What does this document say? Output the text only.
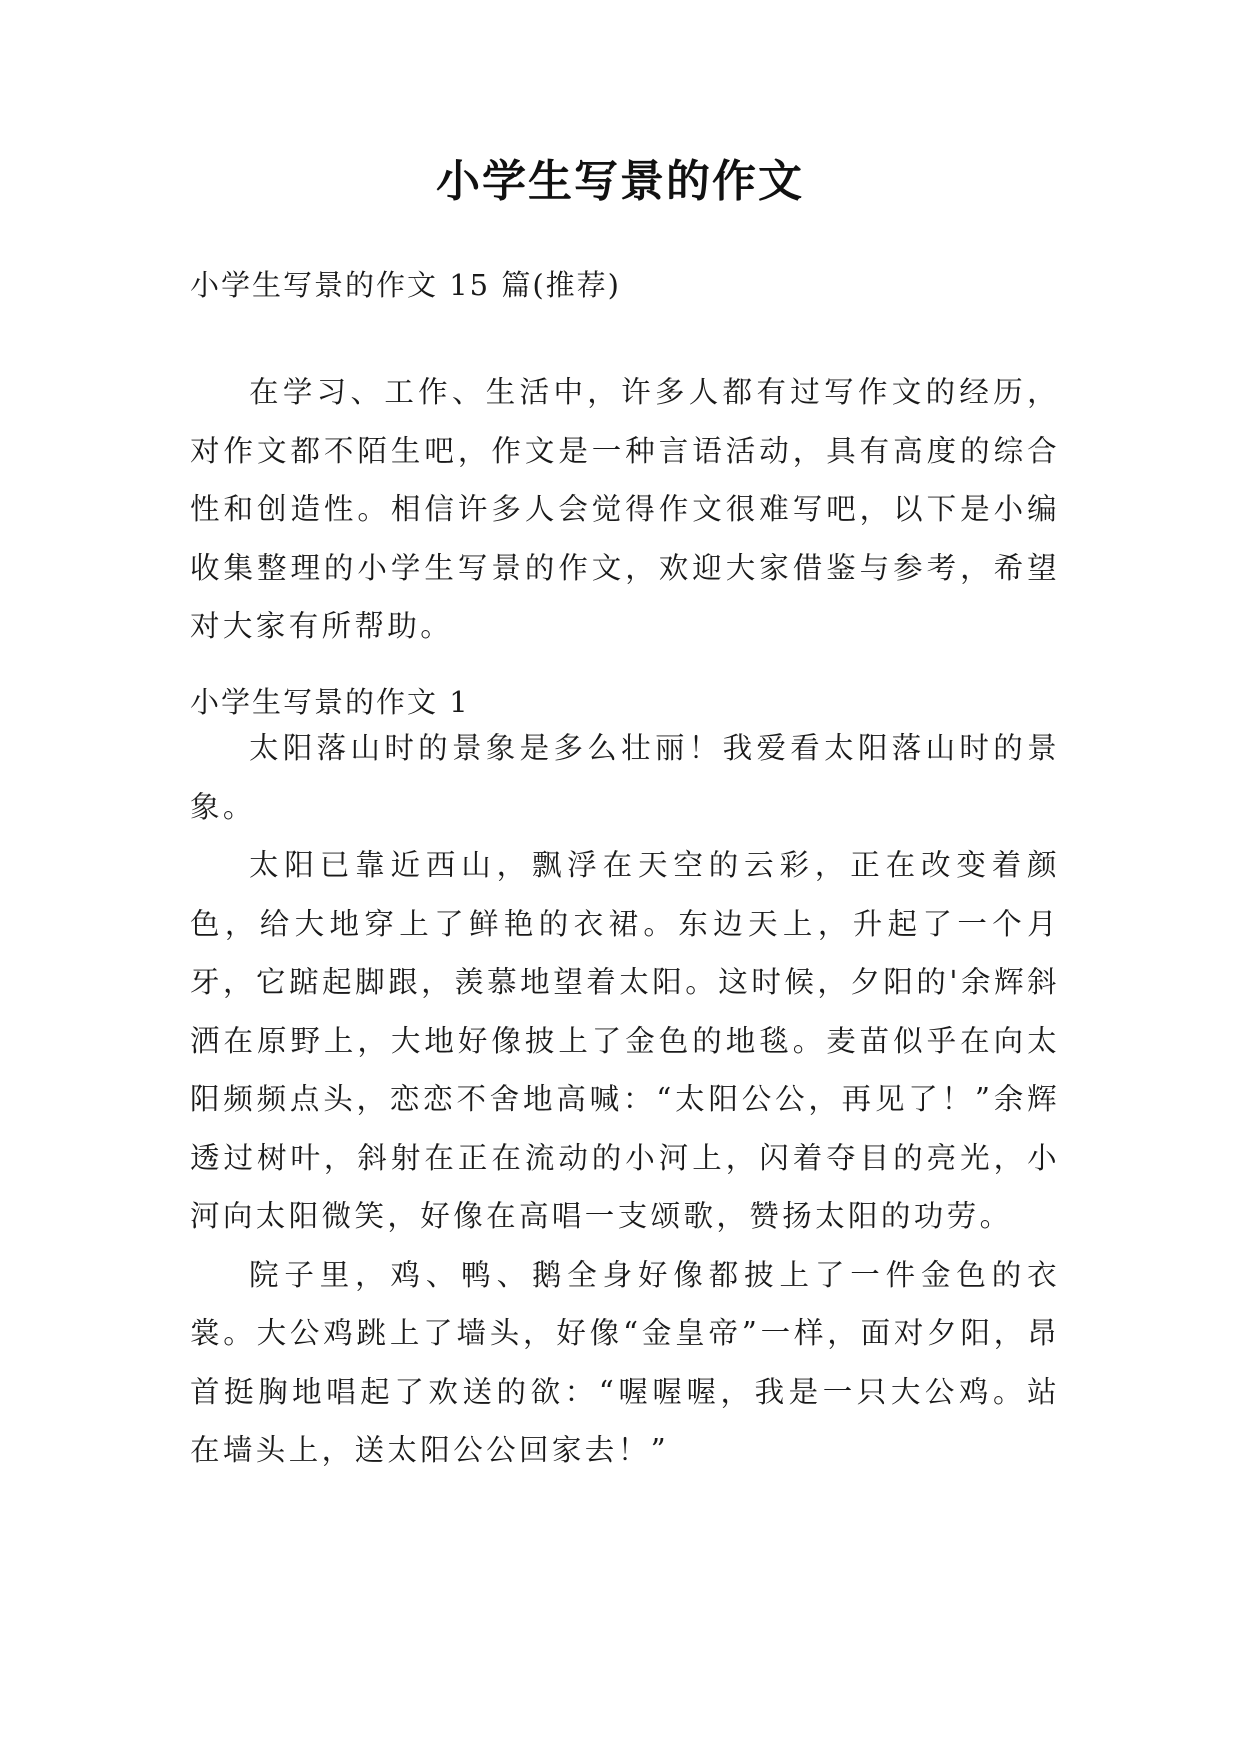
小学生写景的作文
小学生写景的作文 15 篇(推荐)

在学习、工作、生活中，许多人都有过写作文的经历，对作文都不陌生吧，作文是一种言语活动，具有高度的综合性和创造性。相信许多人会觉得作文很难写吧，以下是小编收集整理的小学生写景的作文，欢迎大家借鉴与参考，希望对大家有所帮助。

小学生写景的作文 1

太阳落山时的景象是多么壮丽！我爱看太阳落山时的景象。

太阳已靠近西山，飘浮在天空的云彩，正在改变着颜色，给大地穿上了鲜艳的衣裙。东边天上，升起了一个月牙，它踮起脚跟，羡慕地望着太阳。这时候，夕阳的'余辉斜洒在原野上，大地好像披上了金色的地毯。麦苗似乎在向太阳频频点头，恋恋不舍地高喊：“太阳公公，再见了！”余辉透过树叶，斜射在正在流动的小河上，闪着夺目的亮光，小河向太阳微笑，好像在高唱一支颂歌，赞扬太阳的功劳。

院子里，鸡、鸭、鹅全身好像都披上了一件金色的衣裳。大公鸡跳上了墙头，好像“金皇帝”一样，面对夕阳，昂首挺胸地唱起了欢送的欲：“喔喔喔，我是一只大公鸡。站在墙头上，送太阳公公回家去！”
